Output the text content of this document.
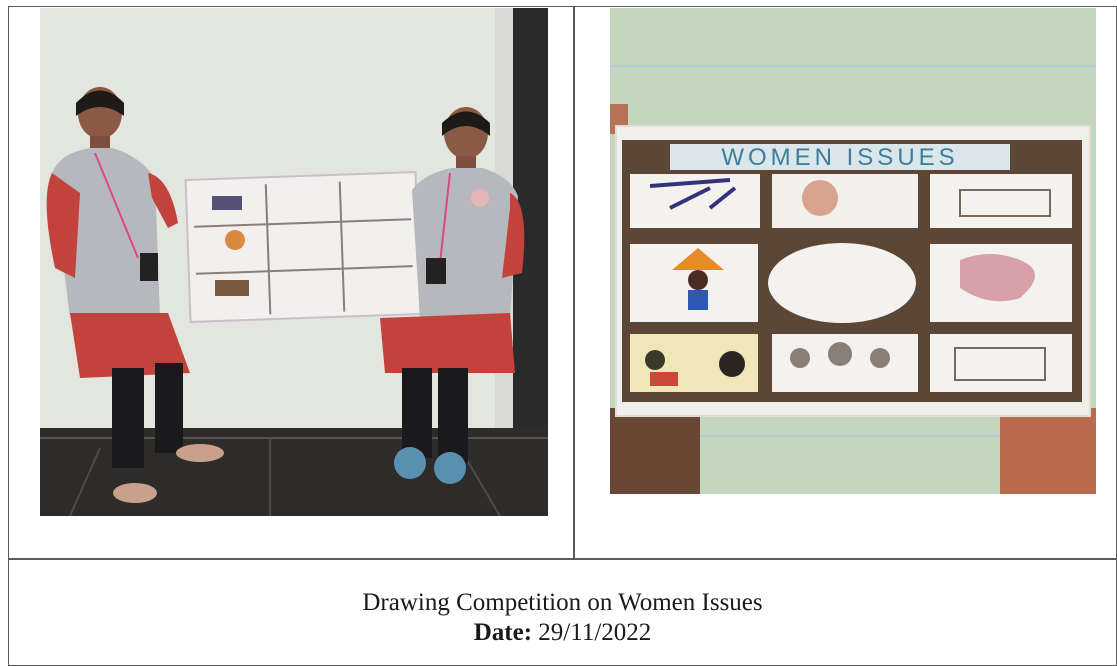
WOMEN ISSUES
Drawing Competition on Women Issues
Date: 29/11/2022
